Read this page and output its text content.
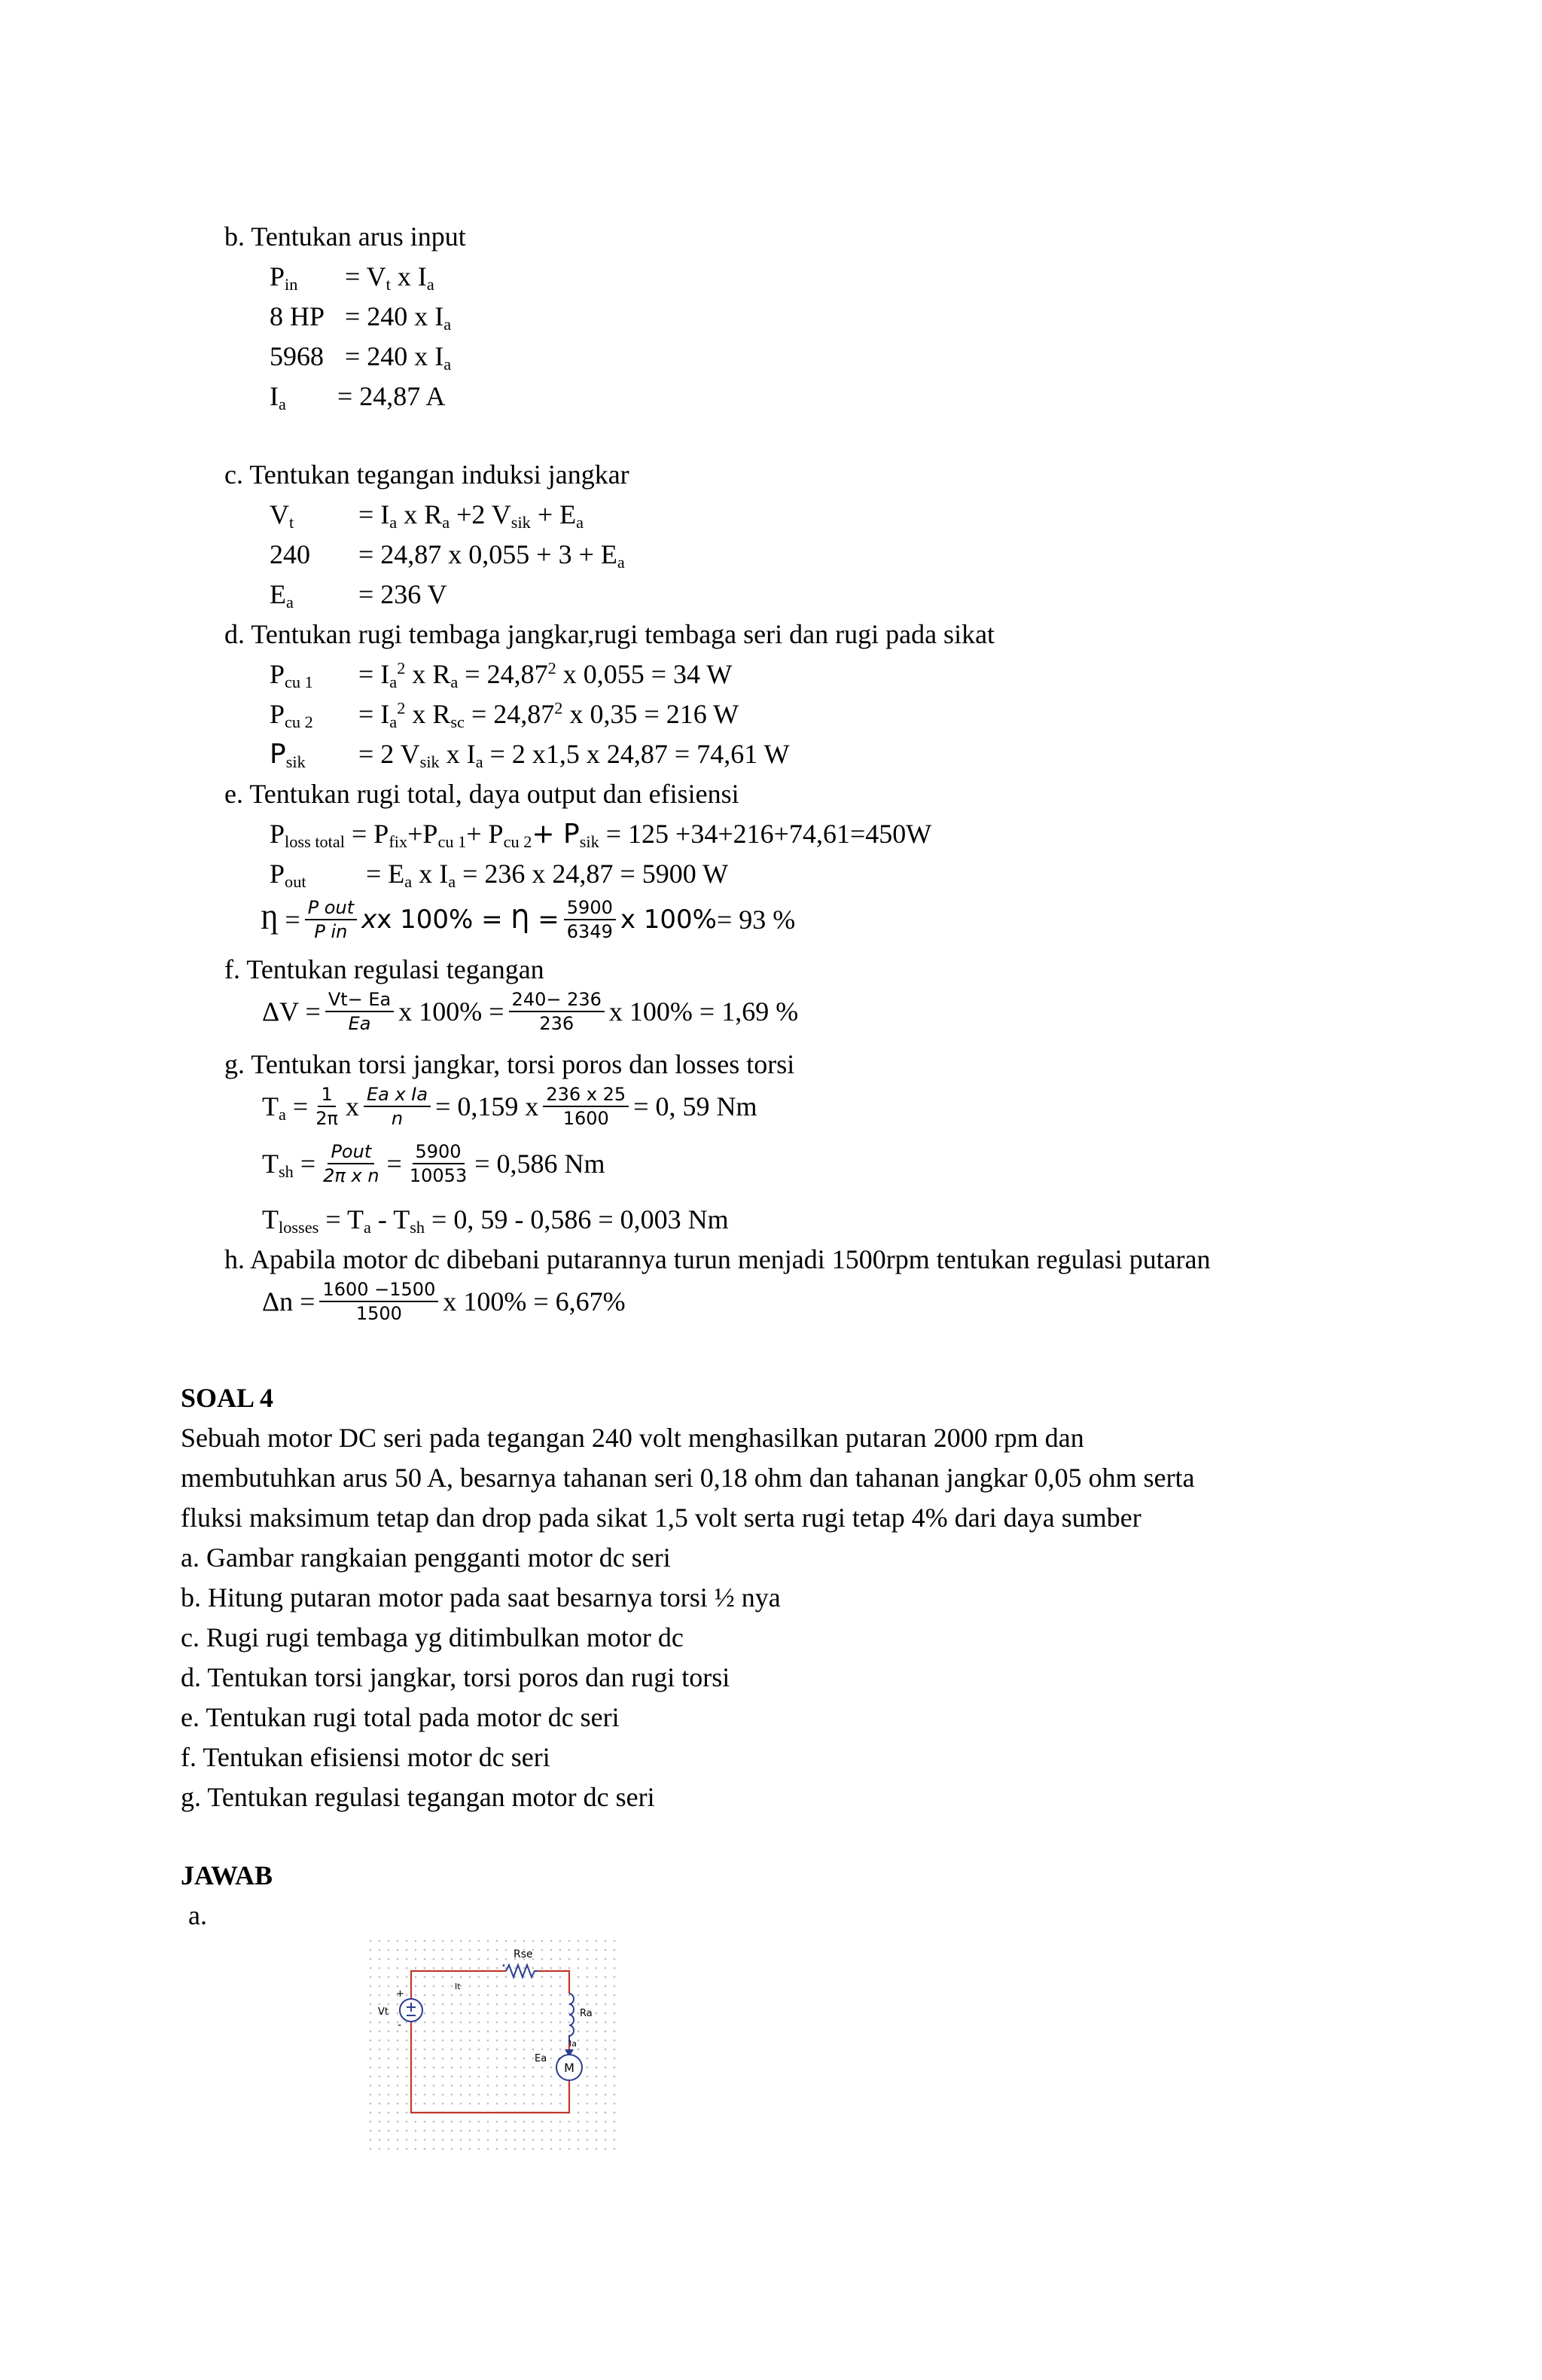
b. Tentukan arus input
$P_{in} = V_t$ x $I_a$
8 HP = 240 x $I_a$
5968 = 240 x $I_a$
$I_a = 24,87$ A
c. Tentukan tegangan induksi jangkar
$V_t = I_a$ x $R_a +2$ $V_{sik} + E_a$
240 = 24,87 x $0,055 + 3 + E_a$
$E_a = 236$ V
d. Tentukan rugi tembaga jangkar,rugi tembaga seri dan rugi pada sikat
$P_{cu 1} = I_a^2$ x $R_a = 24,87^2$ x 0,055 = 34 W
$P_{cu 2} = I_a^2$ x $R_{sc} = 24,87^2$ x 0,35 = 216 W
$P_{sik} = 2$ $V_{sik}$ x $I_a = 2$ x1,5 x 24,87 = 74,61 W
e. Tentukan rugi total, daya output dan efisiensi
$P_{loss total} = P_{fix}+P_{cu 1}+ P_{cu 2}+ P_{sik} = 125 +34+216+74,61=450W$
$P_{out} = E_a$ x $I_a = 236$ x 24,87 = 5900 W
Ƞ = $\frac{\text{P out}}{\text{P in}}$ x x 100% = Ƞ = $\frac{5900}{6349}$ x 100% = 93 %
f. Tentukan regulasi tegangan
$\Delta V = \frac{Vt- Ea}{Ea}$ x $100\% = \frac{240- 236}{236}$ x 100% = 1,69 %
g. Tentukan torsi jangkar, torsi poros dan losses torsi
$T_a = \frac{1}{2\pi}$ x $\frac{\text{Ea x Ia}}{n} = 0,159$ x $\frac{236 x 25}{1600} = 0$, 59 Nm
$T_{sh} = \frac{\text{Pout}}{\text{2π x n}} = \frac{5900}{10053} = 0,586$ Nm
$T_{losses} = T_a - T_{sh} = 0$, 59 - 0,586 = 0,003 Nm
h. Apabila motor dc dibebani putarannya turun menjadi 1500rpm tentukan regulasi putaran
$\Delta n = \frac{1600 -1500}{1500}$ x 100% = 6,67%
SOAL 4
Sebuah motor DC seri pada tegangan 240 volt menghasilkan putaran 2000 rpm dan
membutuhkan arus 50 A, besarnya tahanan seri 0,18 ohm dan tahanan jangkar 0,05 ohm serta
fluksi maksimum tetap dan drop pada sikat 1,5 volt serta rugi tetap 4% dari daya sumber
a. Gambar rangkaian pengganti motor dc seri
b. Hitung putaran motor pada saat besarnya torsi ½ nya
c. Rugi rugi tembaga yg ditimbulkan motor dc
d. Tentukan torsi jangkar, torsi poros dan rugi torsi
e. Tentukan rugi total pada motor dc seri
f. Tentukan efisiensi motor dc seri
g. Tentukan regulasi tegangan motor dc seri
JAWAB
a.
M
Rse
It
Vt
+
-
Ra
Ia
Ea
•
•
